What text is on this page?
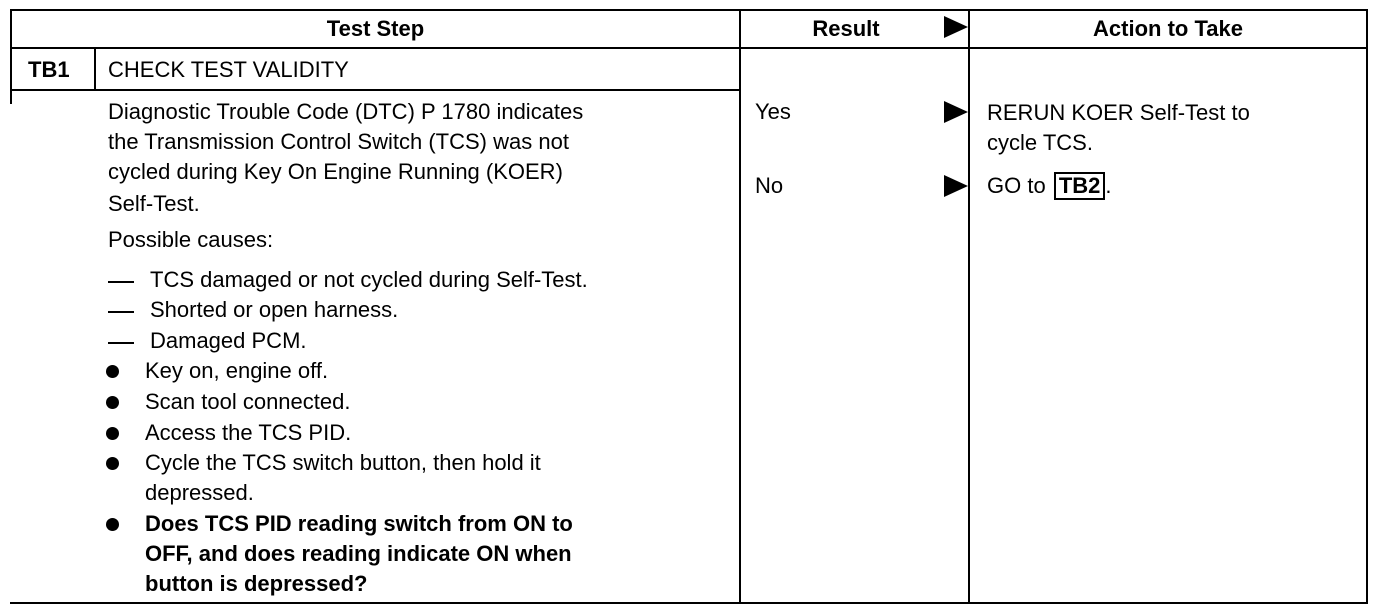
Test Step	Result	Action to Take
TB1 CHECK TEST VALIDITY
Diagnostic Trouble Code (DTC) P 1780 indicates
the Transmission Control Switch (TCS) was not
cycled during Key On Engine Running (KOER)
Self-Test.
Possible causes:
TCS damaged or not cycled during Self-Test.
Shorted or open harness.
Damaged PCM.
Key on, engine off.
Scan tool connected.
Access the TCS PID.
Cycle the TCS switch button, then hold it
depressed.
Does TCS PID reading switch from ON to
OFF, and does reading indicate ON when
button is depressed?
Yes
No
RERUN KOER Self-Test to
cycle TCS.
GO to TB2 .
